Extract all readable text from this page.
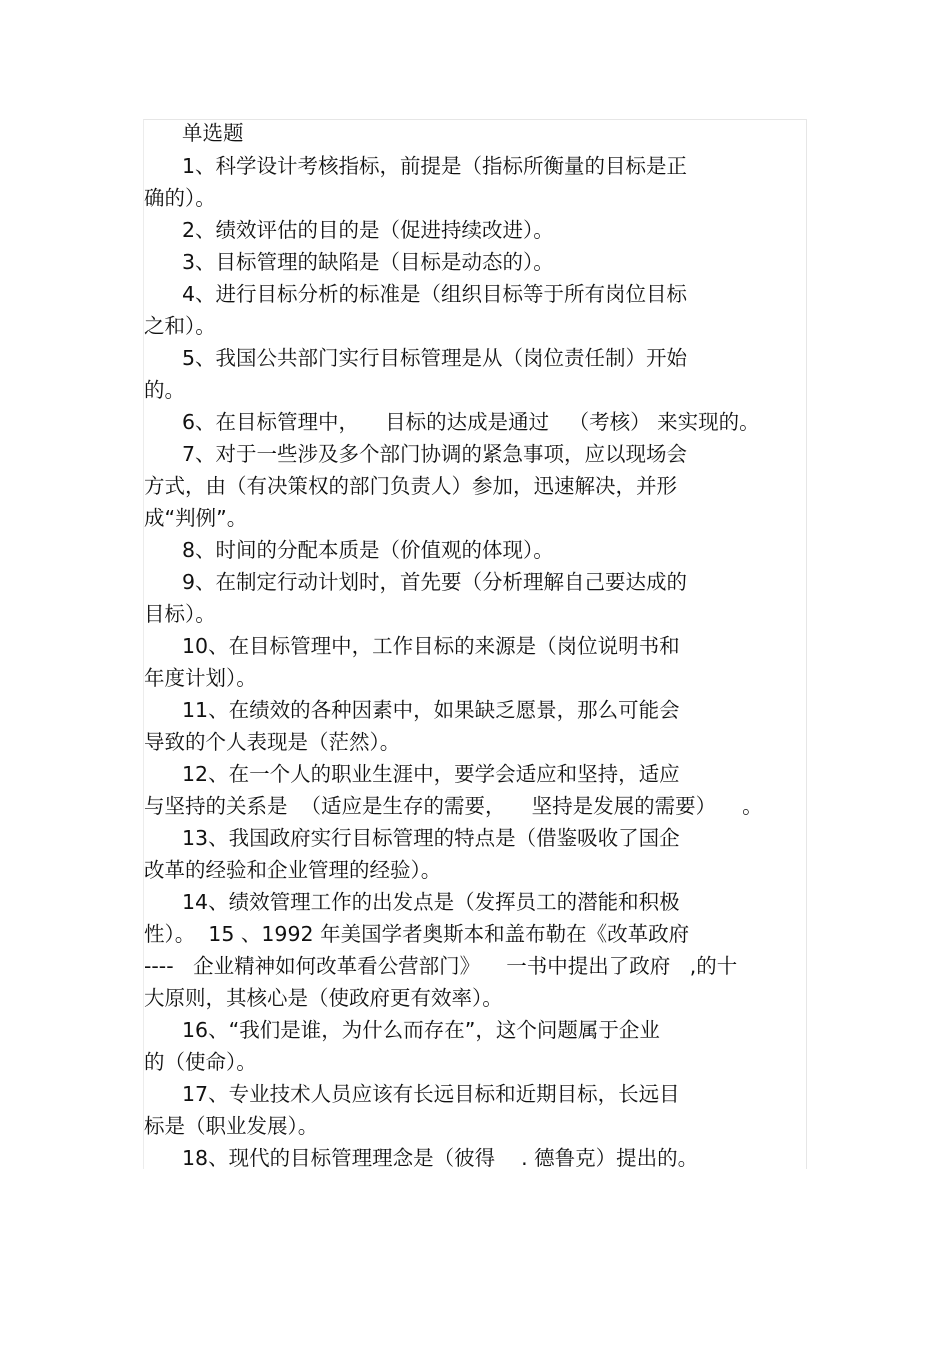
单选题
1、科学设计考核指标，前提是（指标所衡量的目标是正
确的）。
2、绩效评估的目的是（促进持续改进）。
3、目标管理的缺陷是（目标是动态的）。
4、进行目标分析的标准是（组织目标等于所有岗位目标
之和）。
5、我国公共部门实行目标管理是从（岗位责任制）开始
的。
6、在目标管理中，    目标的达成是通过   （考核） 来实现的。
7、对于一些涉及多个部门协调的紧急事项，应以现场会
方式，由（有决策权的部门负责人）参加，迅速解决，并形
成“判例”。
8、时间的分配本质是（价值观的体现）。
9、在制定行动计划时，首先要（分析理解自己要达成的
目标）。
10、在目标管理中，工作目标的来源是（岗位说明书和
年度计划）。
11、在绩效的各种因素中，如果缺乏愿景，那么可能会
导致的个人表现是（茫然）。
12、在一个人的职业生涯中，要学会适应和坚持，适应
与坚持的关系是  （适应是生存的需要，    坚持是发展的需要）    。
13、我国政府实行目标管理的特点是（借鉴吸收了国企
改革的经验和企业管理的经验）。
14、绩效管理工作的出发点是（发挥员工的潜能和积极
性）。  15 、1992 年美国学者奥斯本和盖布勒在《改革政府
----   企业精神如何改革看公营部门》    一书中提出了政府   ,的十
大原则，其核心是（使政府更有效率）。
16、“我们是谁，为什么而存在”，这个问题属于企业
的（使命）。
17、专业技术人员应该有长远目标和近期目标，长远目
标是（职业发展）。
18、现代的目标管理理念是（彼得    . 德鲁克）提出的。
